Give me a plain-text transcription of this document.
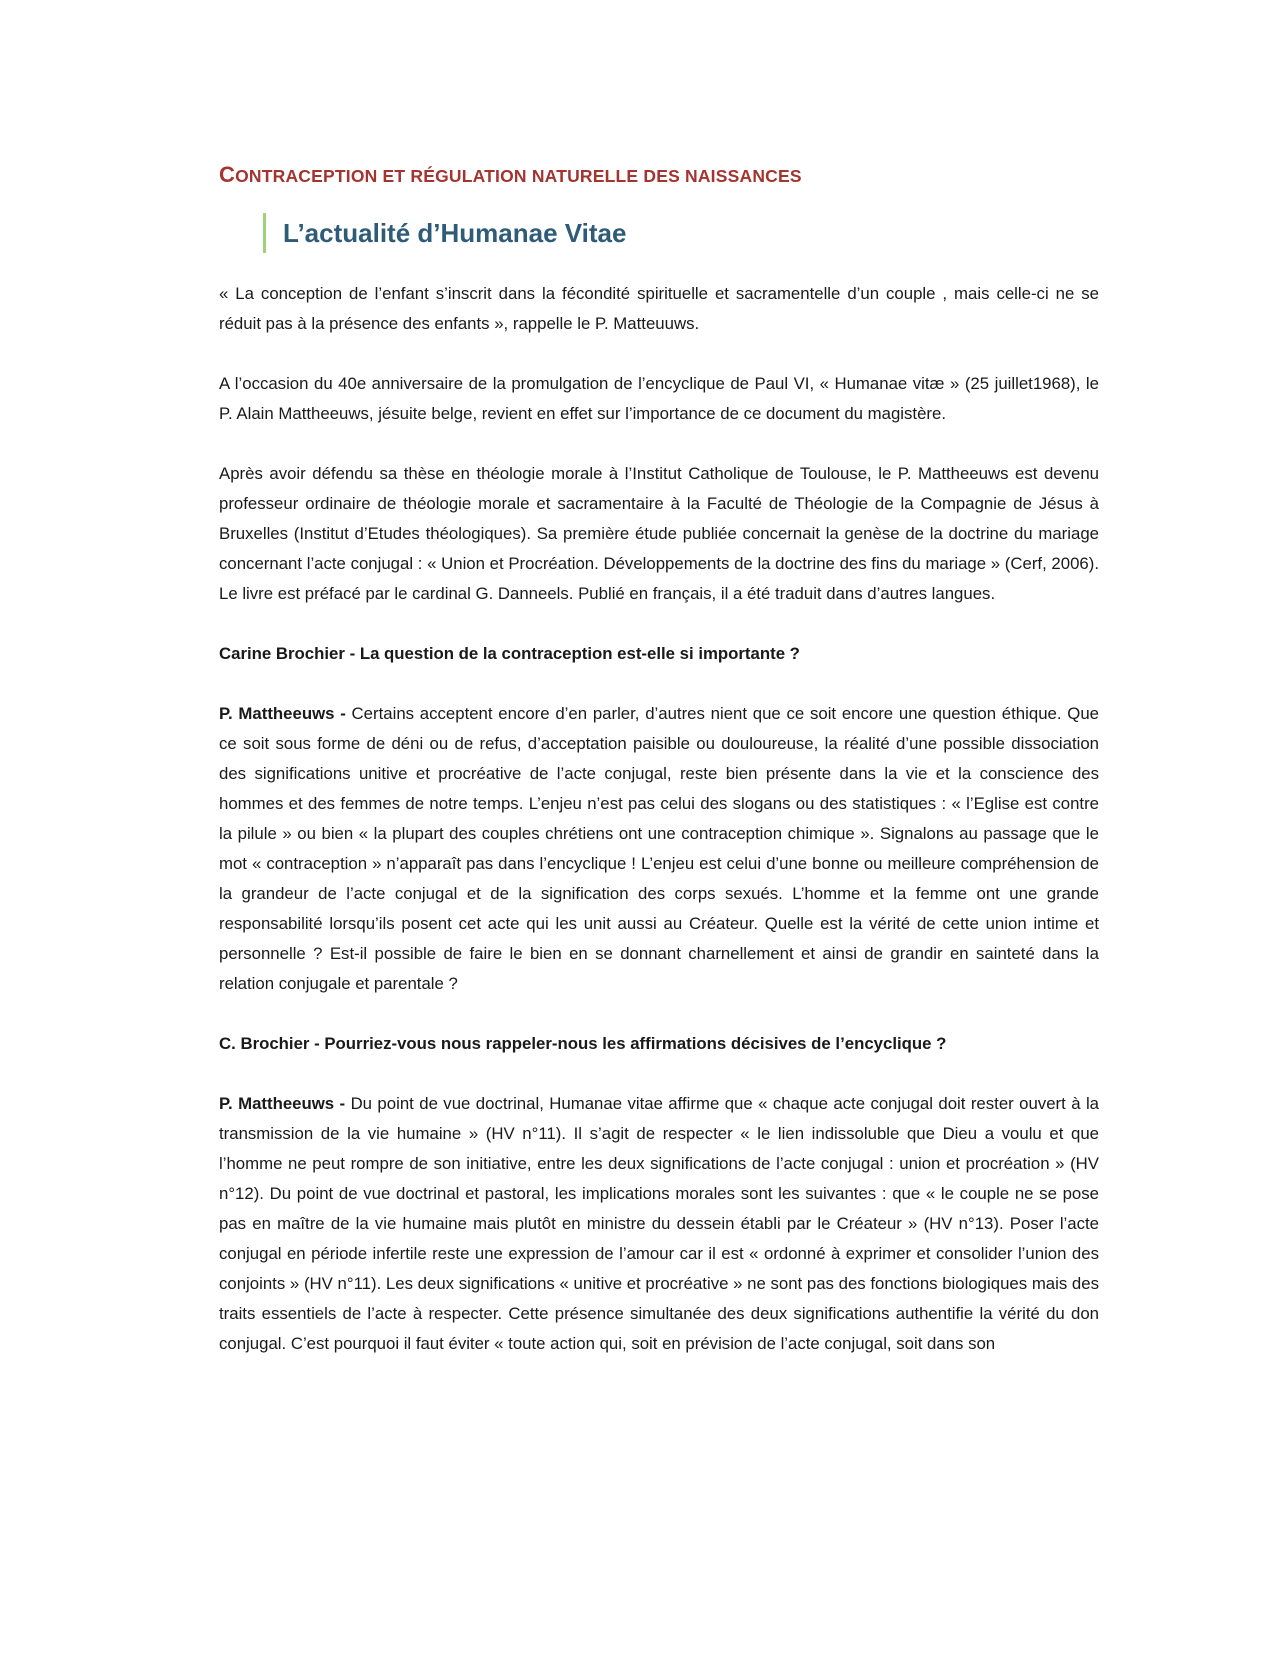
CONTRACEPTION ET RÉGULATION NATURELLE DES NAISSANCES
L’actualité d’Humanae Vitae

« La conception de l’enfant s’inscrit dans la fécondité spirituelle et sacramentelle d’un couple , mais celle-ci ne se réduit pas à la présence des enfants », rappelle le P. Matteuuws.

A l’occasion du 40e anniversaire de la promulgation de l’encyclique de Paul VI, « Humanae vitæ » (25 juillet1968), le P. Alain Mattheeuws, jésuite belge, revient en effet sur l’importance de ce document du magistère.

Après avoir défendu sa thèse en théologie morale à l’Institut Catholique de Toulouse, le P. Mattheeuws est devenu professeur ordinaire de théologie morale et sacramentaire à la Faculté de Théologie de la Compagnie de Jésus à Bruxelles (Institut d’Etudes théologiques). Sa première étude publiée concernait la genèse de la doctrine du mariage concernant l’acte conjugal : « Union et Procréation. Développements de la doctrine des fins du mariage » (Cerf, 2006). Le livre est préfacé par le cardinal G. Danneels. Publié en français, il a été traduit dans d’autres langues.

Carine Brochier - La question de la contraception est-elle si importante ?

P. Mattheeuws - Certains acceptent encore d’en parler, d’autres nient que ce soit encore une question éthique. Que ce soit sous forme de déni ou de refus, d’acceptation paisible ou douloureuse, la réalité d’une possible dissociation des significations unitive et procréative de l’acte conjugal, reste bien présente dans la vie et la conscience des hommes et des femmes de notre temps. L’enjeu n’est pas celui des slogans ou des statistiques : « l’Eglise est contre la pilule » ou bien « la plupart des couples chrétiens ont une contraception chimique ». Signalons au passage que le mot « contraception » n’apparaît pas dans l’encyclique ! L’enjeu est celui d’une bonne ou meilleure compréhension de la grandeur de l’acte conjugal et de la signification des corps sexués. L’homme et la femme ont une grande responsabilité lorsqu’ils posent cet acte qui les unit aussi au Créateur. Quelle est la vérité de cette union intime et personnelle ? Est-il possible de faire le bien en se donnant charnellement et ainsi de grandir en sainteté dans la relation conjugale et parentale ?

C. Brochier - Pourriez-vous nous rappeler-nous les affirmations décisives de l’encyclique ?

P. Mattheeuws - Du point de vue doctrinal, Humanae vitae affirme que « chaque acte conjugal doit rester ouvert à la transmission de la vie humaine » (HV n°11). Il s’agit de respecter « le lien indissoluble que Dieu a voulu et que l’homme ne peut rompre de son initiative, entre les deux significations de l’acte conjugal : union et procréation » (HV n°12). Du point de vue doctrinal et pastoral, les implications morales sont les suivantes : que « le couple ne se pose pas en maître de la vie humaine mais plutôt en ministre du dessein établi par le Créateur » (HV n°13). Poser l’acte conjugal en période infertile reste une expression de l’amour car il est « ordonné à exprimer et consolider l’union des conjoints » (HV n°11). Les deux significations « unitive et procréative » ne sont pas des fonctions biologiques mais des traits essentiels de l’acte à respecter. Cette présence simultanée des deux significations authentifie la vérité du don conjugal. C’est pourquoi il faut éviter « toute action qui, soit en prévision de l’acte conjugal, soit dans son
